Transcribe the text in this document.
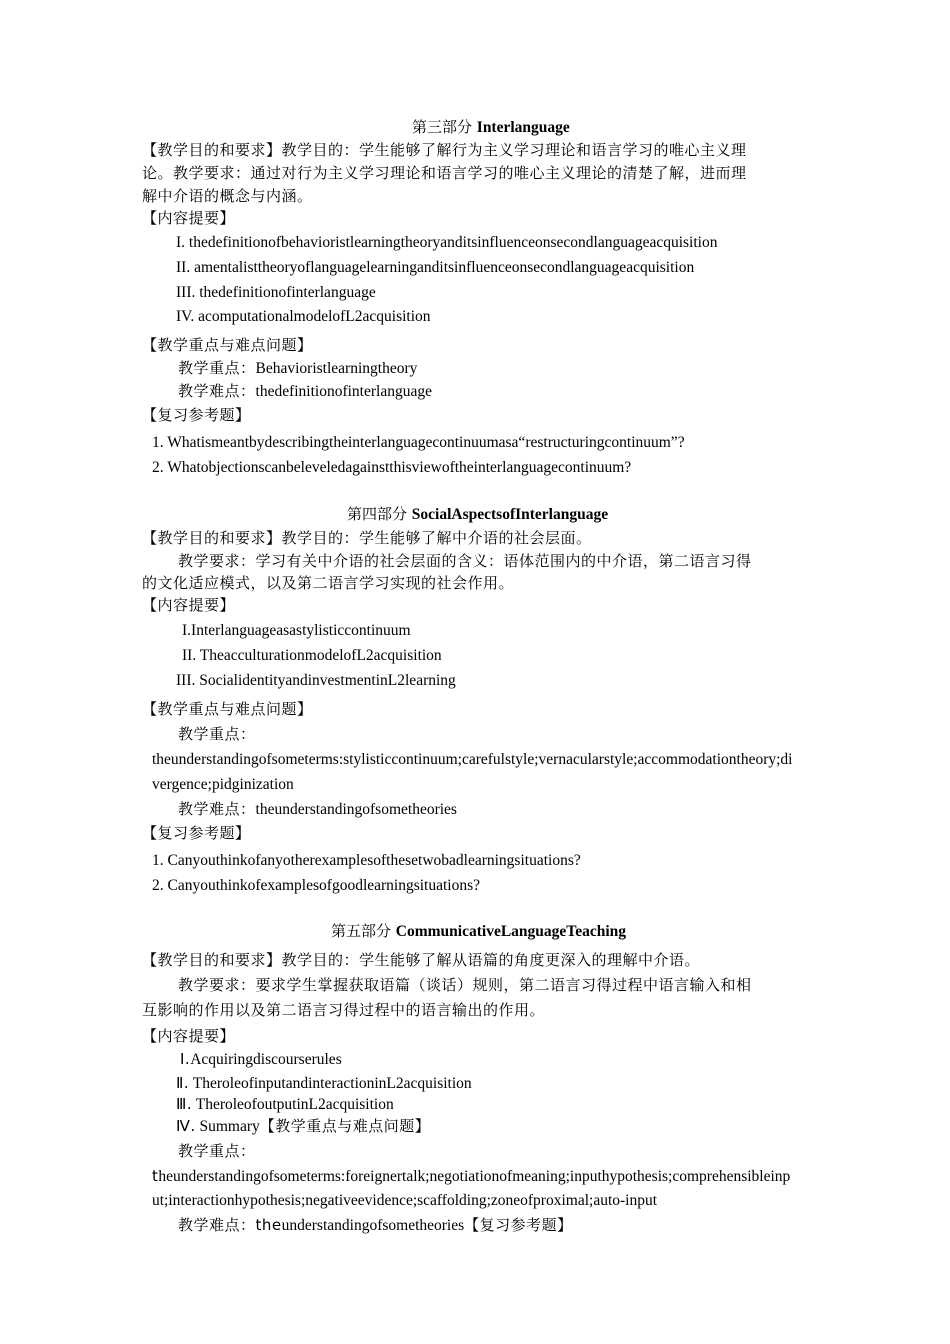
第三部分 Interlanguage
【教学目的和要求】教学目的：学生能够了解行为主义学习理论和语言学习的唯心主义理
论。教学要求：通过对行为主义学习理论和语言学习的唯心主义理论的清楚了解，进而理
解中介语的概念与内涵。
【内容提要】
I. thedefinitionofbehavioristlearningtheoryanditsinfluenceonsecondlanguageacquisition
II. amentalisttheoryoflanguagelearninganditsinfluenceonsecondlanguageacquisition
III. thedefinitionofinterlanguage
IV. acomputationalmodelofL2acquisition
【教学重点与难点问题】
教学重点：Behavioristlearningtheory
教学难点：thedefinitionofinterlanguage
【复习参考题】
1. Whatismeantbydescribingtheinterlanguagecontinuumasa“restructuringcontinuum”?
2. Whatobjectionscanbeleveledagainstthisviewoftheinterlanguagecontinuum?
第四部分 SocialAspectsofInterlanguage
【教学目的和要求】教学目的：学生能够了解中介语的社会层面。
教学要求：学习有关中介语的社会层面的含义：语体范围内的中介语，第二语言习得
的文化适应模式，以及第二语言学习实现的社会作用。
【内容提要】
I.Interlanguageasastylisticcontinuum
II. TheacculturationmodelofL2acquisition
III. SocialidentityandinvestmentinL2learning
【教学重点与难点问题】
教学重点：
theunderstandingofsometerms:stylisticcontinuum;carefulstyle;vernacularstyle;accommodationtheory;di
vergence;pidginization
教学难点：theunderstandingofsometheories
【复习参考题】
1. Canyouthinkofanyotherexamplesofthesetwobadlearningsituations?
2. Canyouthinkofexamplesofgoodlearningsituations?
第五部分 CommunicativeLanguageTeaching
【教学目的和要求】教学目的：学生能够了解从语篇的角度更深入的理解中介语。
教学要求：要求学生掌握获取语篇（谈话）规则，第二语言习得过程中语言输入和相
互影响的作用以及第二语言习得过程中的语言输出的作用。
【内容提要】
Ⅰ.Acquiringdiscourserules
Ⅱ. TheroleofinputandinteractioninL2acquisition
Ⅲ. TheroleofoutputinL2acquisition
Ⅳ. Summary【教学重点与难点问题】
教学重点：
theunderstandingofsometerms:foreignertalk;negotiationofmeaning;inputhypothesis;comprehensibleinp
ut;interactionhypothesis;negativeevidence;scaffolding;zoneofproximal;auto-input
教学难点：theunderstandingofsometheories【复习参考题】
